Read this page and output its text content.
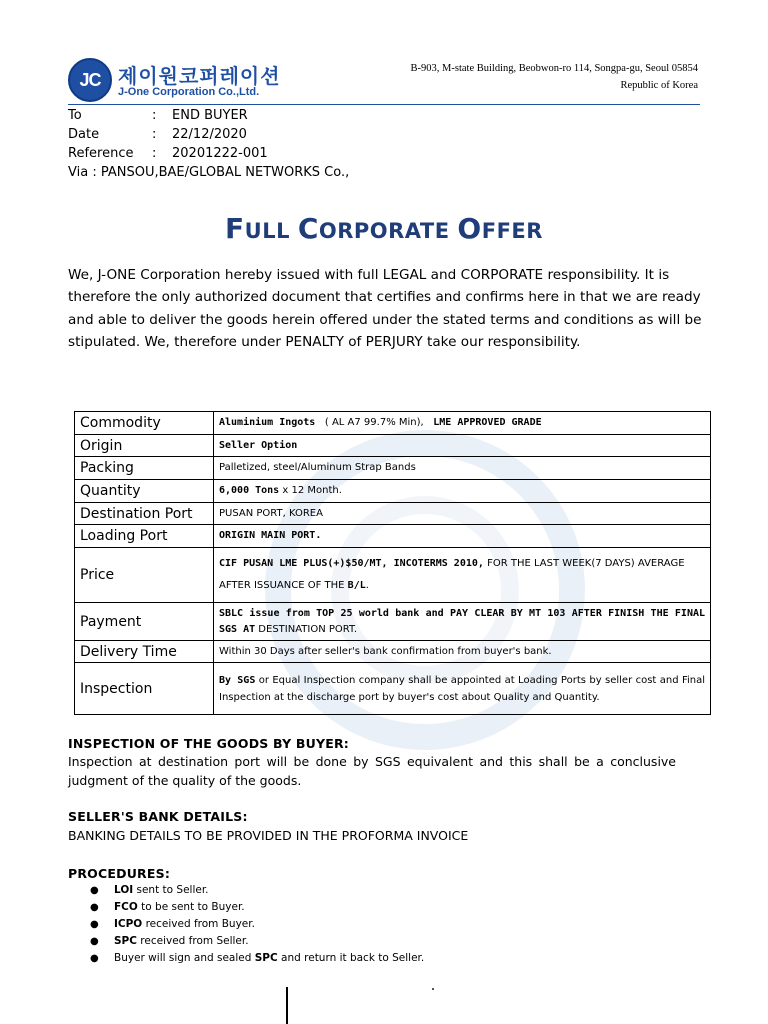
JC 제이원코퍼레이션
J-One Corporation Co.,Ltd.
B-903, M-state Building, Beobwon-ro 114, Songpa-gu, Seoul 05854
Republic of Korea
To	:	END BUYER
Date	:	22/12/2020
Reference	:	20201222-001
Via : PANSOU,BAE/GLOBAL NETWORKS Co.,
FULL CORPORATE OFFER
We, J-ONE Corporation hereby issued with full LEGAL and CORPORATE responsibility. It is therefore the only authorized document that certifies and confirms here in that we are ready and able to deliver the goods herein offered under the stated terms and conditions as will be stipulated. We, therefore under PENALTY of PERJURY take our responsibility.
Commodity	Aluminium Ingots ( AL A7 99.7% Min), LME APPROVED GRADE
Origin	Seller Option
Packing	Palletized, steel/Aluminum Strap Bands
Quantity	6,000 Tons x 12 Month.
Destination Port	PUSAN PORT, KOREA
Loading Port	ORIGIN MAIN PORT.
Price	CIF PUSAN LME PLUS(+)$50/MT, INCOTERMS 2010, FOR THE LAST WEEK(7 DAYS) AVERAGE AFTER ISSUANCE OF THE B/L.
Payment	SBLC issue from TOP 25 world bank and PAY CLEAR BY MT 103 AFTER FINISH THE FINAL SGS AT DESTINATION PORT.
Delivery Time	Within 30 Days after seller's bank confirmation from buyer's bank.
Inspection	By SGS or Equal Inspection company shall be appointed at Loading Ports by seller cost and Final Inspection at the discharge port by buyer's cost about Quality and Quantity.
INSPECTION OF THE GOODS BY BUYER:
Inspection at destination port will be done by SGS equivalent and this shall be a conclusive judgment of the quality of the goods.
SELLER'S BANK DETAILS:
BANKING DETAILS TO BE PROVIDED IN THE PROFORMA INVOICE
PROCEDURES:
● LOI sent to Seller.
● FCO to be sent to Buyer.
● ICPO received from Buyer.
● SPC received from Seller.
● Buyer will sign and sealed SPC and return it back to Seller.
